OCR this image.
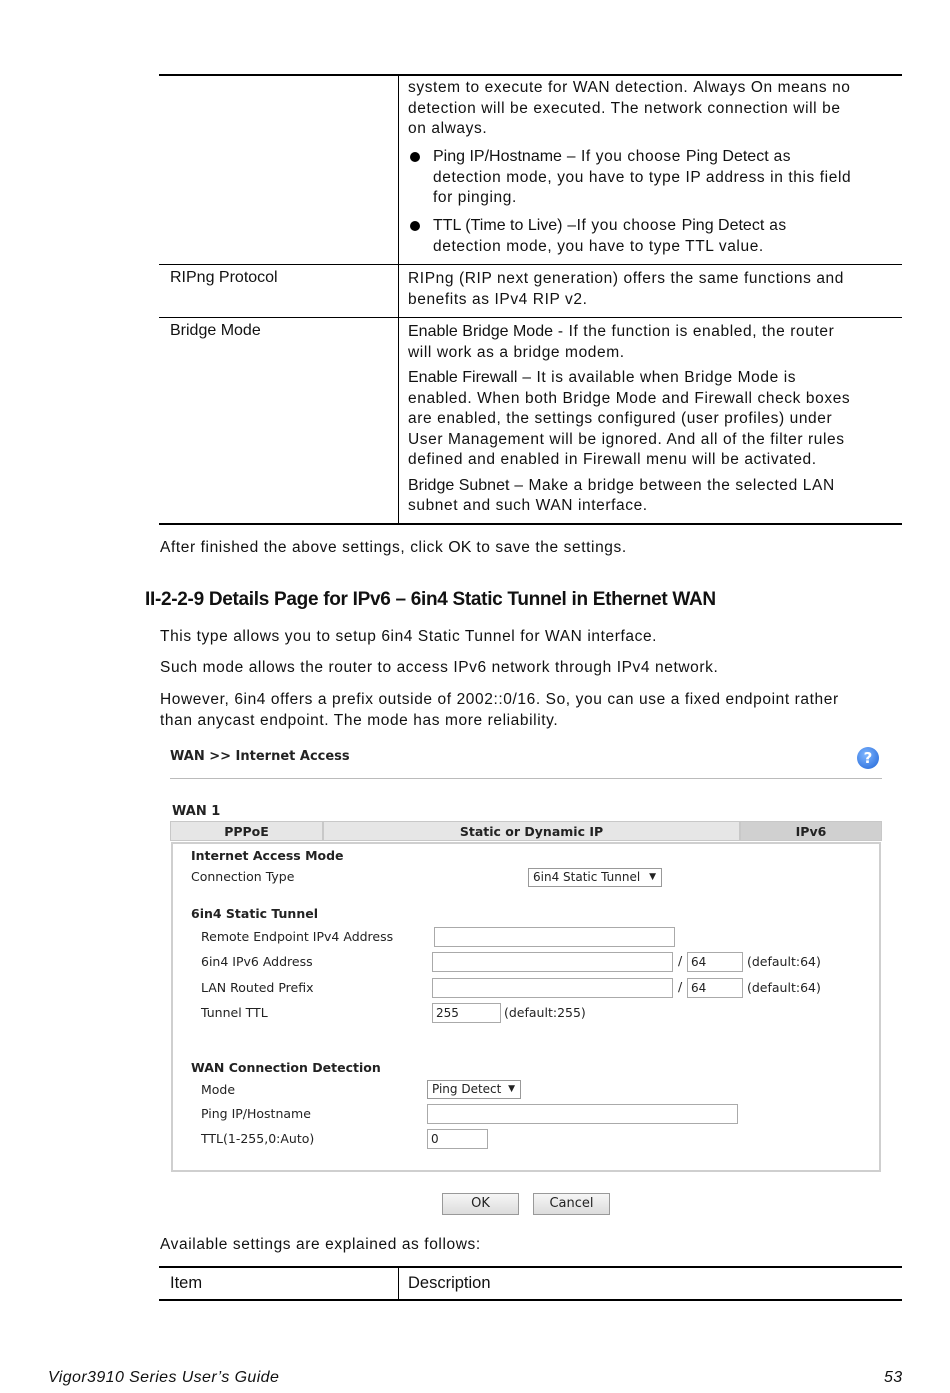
system to execute for WAN detection. Always On means no
detection will be executed. The network connection will be
on always.
Ping IP/Hostname – If you choose Ping Detect as
detection mode, you have to type IP address in this field
for pinging.
TTL (Time to Live) –If you choose Ping Detect as
detection mode, you have to type TTL value.
RIPng Protocol	RIPng (RIP next generation) offers the same functions and
benefits as IPv4 RIP v2.
Bridge Mode	Enable Bridge Mode - If the function is enabled, the router
will work as a bridge modem.
Enable Firewall – It is available when Bridge Mode is
enabled. When both Bridge Mode and Firewall check boxes
are enabled, the settings configured (user profiles) under
User Management will be ignored. And all of the filter rules
defined and enabled in Firewall menu will be activated.
Bridge Subnet – Make a bridge between the selected LAN
subnet and such WAN interface.
After finished the above settings, click OK to save the settings.
II-2-2-9 Details Page for IPv6 – 6in4 Static Tunnel in Ethernet WAN
This type allows you to setup 6in4 Static Tunnel for WAN interface.
Such mode allows the router to access IPv6 network through IPv4 network.
However, 6in4 offers a prefix outside of 2002::0/16. So, you can use a fixed endpoint rather
than anycast endpoint. The mode has more reliability.
WAN >> Internet Access	?
WAN 1
PPPoE	Static or Dynamic IP	IPv6
Internet Access Mode
Connection Type	6in4 Static Tunnel ▼
6in4 Static Tunnel
Remote Endpoint IPv4 Address
6in4 IPv6 Address	/ 64	(default:64)
LAN Routed Prefix	/ 64	(default:64)
Tunnel TTL	255	(default:255)
WAN Connection Detection
Mode	Ping Detect ▼
Ping IP/Hostname
TTL(1-255,0:Auto)	0
OK	Cancel
Available settings are explained as follows:
Item	Description
Vigor3910 Series User’s Guide	53
